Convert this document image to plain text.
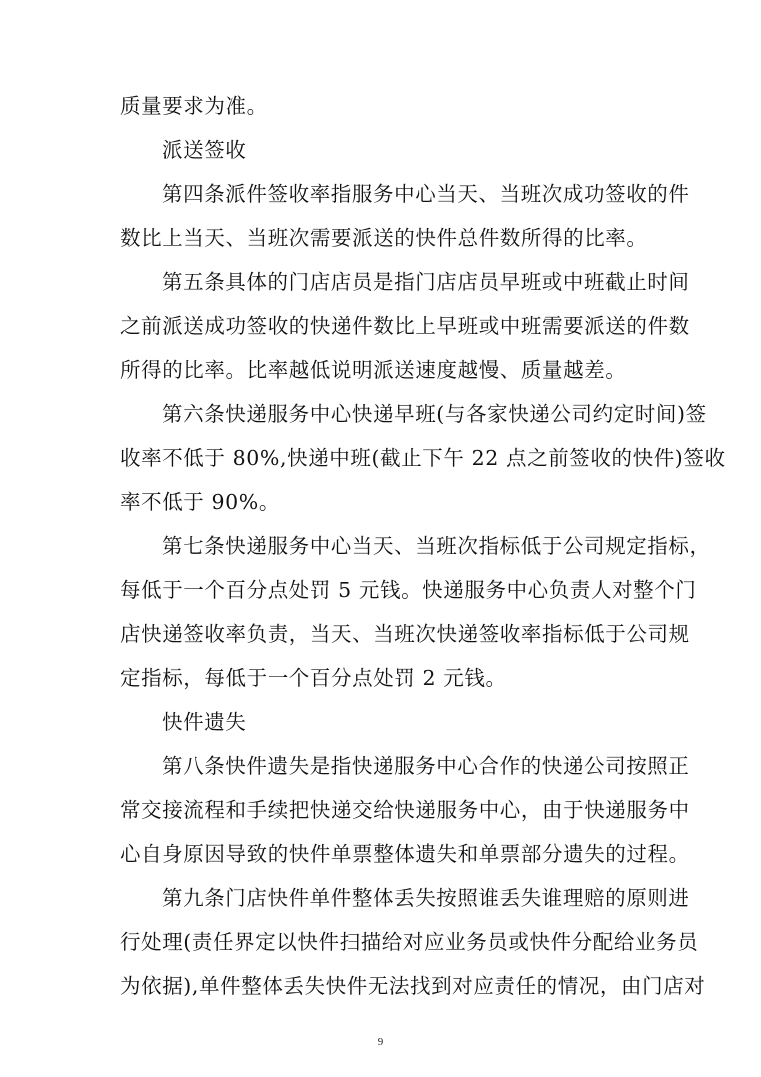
质量要求为准。
派送签收
第四条派件签收率指服务中心当天、当班次成功签收的件
数比上当天、当班次需要派送的快件总件数所得的比率。
第五条具体的门店店员是指门店店员早班或中班截止时间
之前派送成功签收的快递件数比上早班或中班需要派送的件数
所得的比率。比率越低说明派送速度越慢、质量越差。
第六条快递服务中心快递早班(与各家快递公司约定时间)签
收率不低于 80%,快递中班(截止下午 22 点之前签收的快件)签收
率不低于 90%。
第七条快递服务中心当天、当班次指标低于公司规定指标，
每低于一个百分点处罚 5 元钱。快递服务中心负责人对整个门
店快递签收率负责，当天、当班次快递签收率指标低于公司规
定指标，每低于一个百分点处罚 2 元钱。
快件遗失
第八条快件遗失是指快递服务中心合作的快递公司按照正
常交接流程和手续把快递交给快递服务中心，由于快递服务中
心自身原因导致的快件单票整体遗失和单票部分遗失的过程。
第九条门店快件单件整体丢失按照谁丢失谁理赔的原则进
行处理(责任界定以快件扫描给对应业务员或快件分配给业务员
为依据),单件整体丢失快件无法找到对应责任的情况，由门店对
9
